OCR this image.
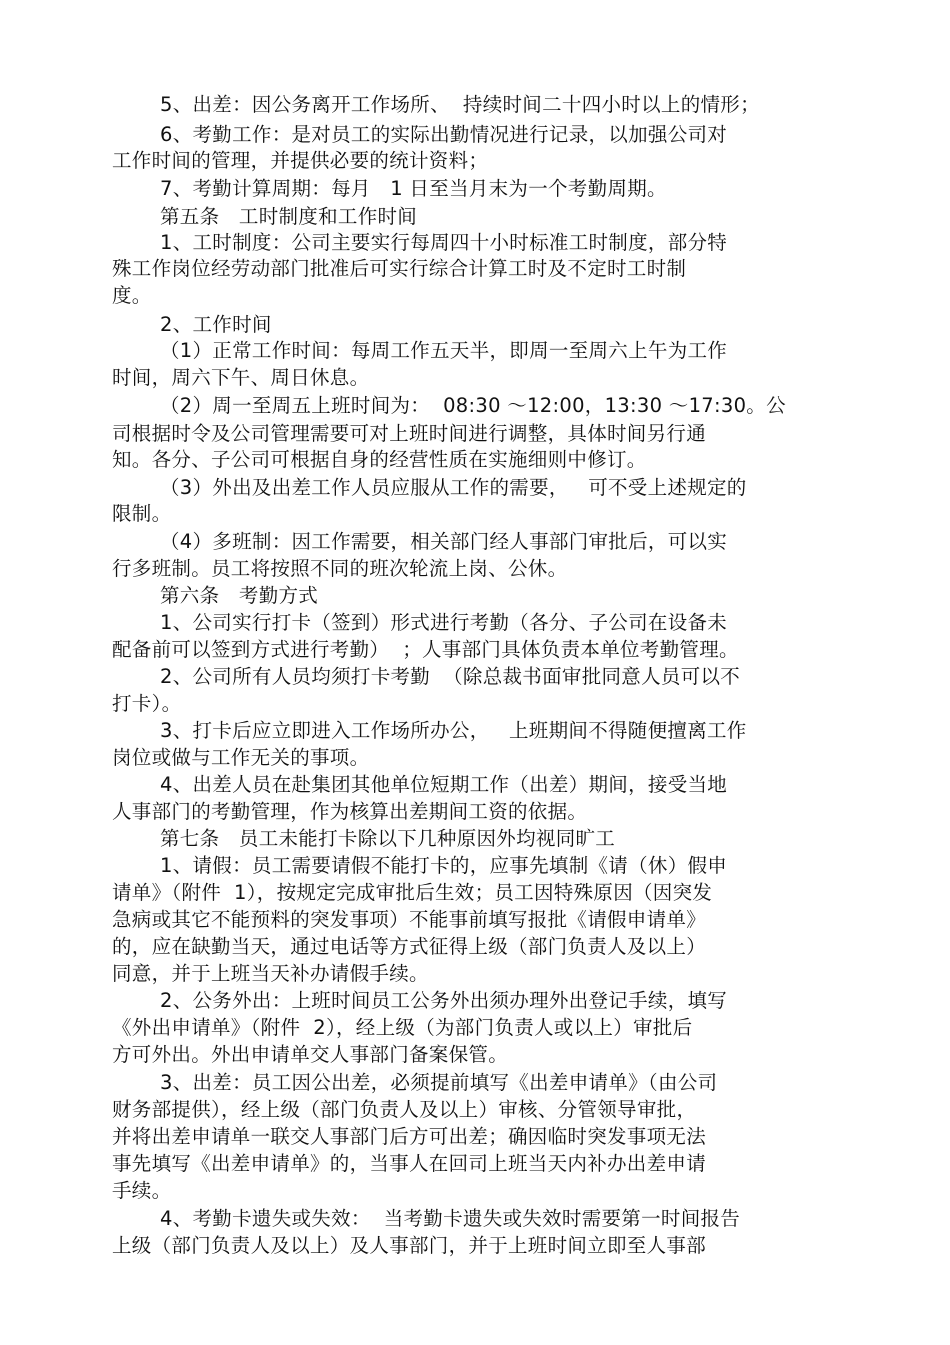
5、出差：因公务离开工作场所、  持续时间二十四小时以上的情形；
6、考勤工作：是对员工的实际出勤情况进行记录，以加强公司对
工作时间的管理，并提供必要的统计资料；
7、考勤计算周期：每月   1 日至当月末为一个考勤周期。
第五条   工时制度和工作时间
1、工时制度：公司主要实行每周四十小时标准工时制度，部分特
殊工作岗位经劳动部门批准后可实行综合计算工时及不定时工时制
度。
2、工作时间
（1）正常工作时间：每周工作五天半，即周一至周六上午为工作
时间，周六下午、周日休息。
（2）周一至周五上班时间为：  08:30 ～12:00，13:30 ～17:30。公
司根据时令及公司管理需要可对上班时间进行调整，具体时间另行通
知。各分、子公司可根据自身的经营性质在实施细则中修订。
（3）外出及出差工作人员应服从工作的需要，   可不受上述规定的
限制。
（4）多班制：因工作需要，相关部门经人事部门审批后，可以实
行多班制。员工将按照不同的班次轮流上岗、公休。
第六条   考勤方式
1、公司实行打卡（签到）形式进行考勤（各分、子公司在设备未
配备前可以签到方式进行考勤）  ；人事部门具体负责本单位考勤管理。
2、公司所有人员均须打卡考勤  （除总裁书面审批同意人员可以不
打卡）。
3、打卡后应立即进入工作场所办公，   上班期间不得随便擅离工作
岗位或做与工作无关的事项。
4、出差人员在赴集团其他单位短期工作（出差）期间，接受当地
人事部门的考勤管理，作为核算出差期间工资的依据。
第七条   员工未能打卡除以下几种原因外均视同旷工
1、请假：员工需要请假不能打卡的，应事先填制《请（休）假申
请单》（附件  1），按规定完成审批后生效；员工因特殊原因（因突发
急病或其它不能预料的突发事项）不能事前填写报批《请假申请单》
的，应在缺勤当天，通过电话等方式征得上级（部门负责人及以上）
同意，并于上班当天补办请假手续。
2、公务外出：上班时间员工公务外出须办理外出登记手续，填写
《外出申请单》（附件  2），经上级（为部门负责人或以上）审批后
方可外出。外出申请单交人事部门备案保管。
3、出差：员工因公出差，必须提前填写《出差申请单》（由公司
财务部提供），经上级（部门负责人及以上）审核、分管领导审批，
并将出差申请单一联交人事部门后方可出差；确因临时突发事项无法
事先填写《出差申请单》的，当事人在回司上班当天内补办出差申请
手续。
4、考勤卡遗失或失效：  当考勤卡遗失或失效时需要第一时间报告
上级（部门负责人及以上）及人事部门，并于上班时间立即至人事部
